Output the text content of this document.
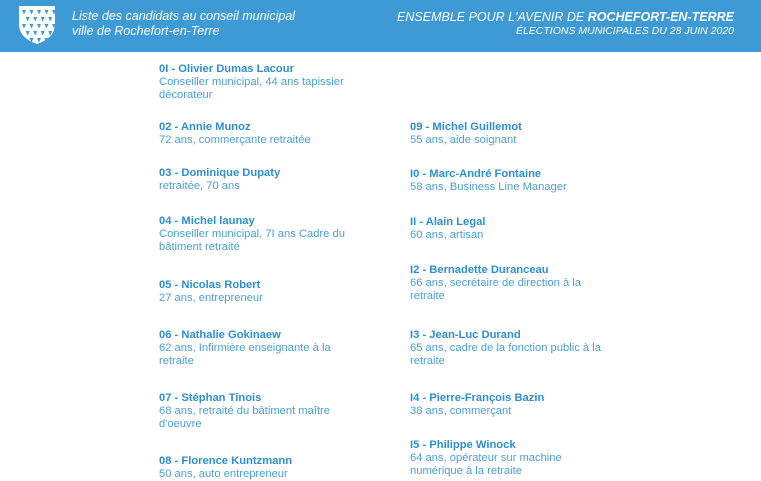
Liste des candidats au conseil municipal
ville de Rochefort-en-Terre
ENSEMBLE POUR L'AVENIR DE ROCHEFORT-EN-TERRE
ÉLECTIONS MUNICIPALES DU 28 JUIN 2020
0I - Olivier Dumas Lacour
Conseiller municipal, 44 ans tapissier décorateur
02 - Annie Munoz
72 ans, commerçante retraitée
03 - Dominique Dupaty
retraitée, 70 ans
04 - Michel launay
Conseiller municipal, 7I ans Cadre du bâtiment retraité
05 - Nicolas Robert
27 ans, entrepreneur
06 - Nathalie Gokinaew
62 ans, Infirmière enseignante à la retraite
07 - Stéphan Tinois
68 ans, retraité du bâtiment maître d'oeuvre
08 - Florence Kuntzmann
50 ans, auto entrepreneur
09 - Michel Guillemot
55 ans, aide soignant
I0 - Marc-André Fontaine
58 ans, Business Line Manager
II - Alain Legal
60 ans, artisan
I2 - Bernadette Duranceau
66 ans, secrétaire de direction à la retraite
I3 - Jean-Luc Durand
65 ans, cadre de la fonction public à la retraite
I4 - Pierre-François Bazin
38 ans, commerçant
I5 - Philippe Winock
64 ans, opérateur sur machine numérique à la retraite
